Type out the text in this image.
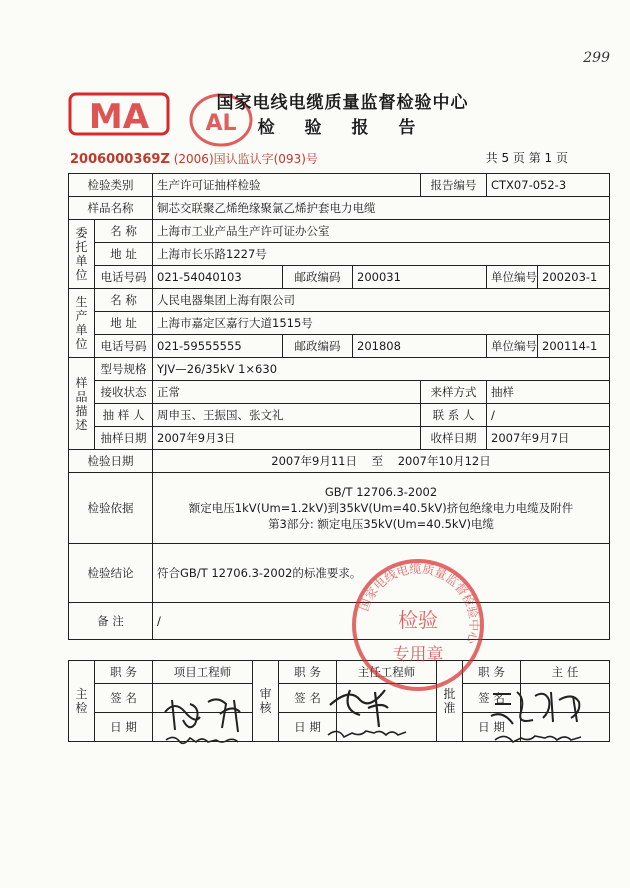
299
MA	AL
国家电线电缆质量监督检验中心
检 验 报 告
2006000369Z (2006)国认监认字(093)号	共 5 页 第 1 页
检验类别		生产许可证抽样检验			报告编号	CTX07-052-3	
样品名称		铜芯交联聚乙烯绝缘聚氯乙烯护套电力电缆					
委托单位	名 称	上海市工业产品生产许可证办公室					
	地 址	上海市长乐路1227号					
	电话号码	021-54040103	邮政编码	200031		单位编号	200203-1
生产单位	名 称	人民电器集团上海有限公司					
	地 址	上海市嘉定区嘉行大道1515号					
	电话号码	021-59555555	邮政编码	201808		单位编号	200114-1
样品描述	型号规格	YJV—26/35kV 1×630					
	接收状态	正常			来样方式	抽样	
	抽 样 人	周申玉、王振国、张文礼			联 系 人	/	
	抽样日期	2007年9月3日			收样日期	2007年9月7日	
检验日期		2007年9月11日 至 2007年10月12日					
检验依据		GB/T 12706.3-2002
额定电压1kV(Um=1.2kV)到35kV(Um=40.5kV)挤包绝缘电力电缆及附件
第3部分: 额定电压35kV(Um=40.5kV)电缆					

检验结论		符合GB/T 12706.3-2002的标准要求。					
备 注		/					
主检	职 务	项目工程师	审核	职 务	主任工程师	批准	职 务	主 任
	签 名			签 名			签 名	
	日 期			日 期			日 期	
国家电线电缆质量监督检验中心
检验
专用章
